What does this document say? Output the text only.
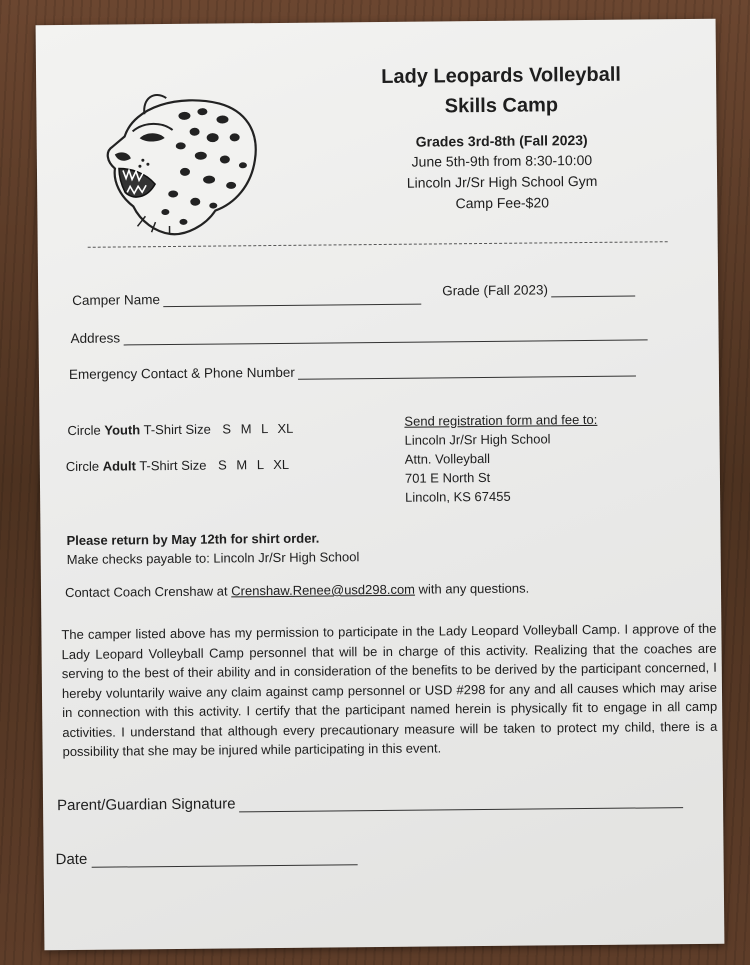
Lady Leopards Volleyball
Skills Camp
Grades 3rd-8th (Fall 2023)
June 5th-9th from 8:30-10:00
Lincoln Jr/Sr High School Gym
Camp Fee-$20
Camper Name
Grade (Fall 2023)
Address
Emergency Contact & Phone Number
Circle Youth T-Shirt Size S M L XL
Circle Adult T-Shirt Size S M L XL
Send registration form and fee to:
Lincoln Jr/Sr High School
Attn. Volleyball
701 E North St
Lincoln, KS 67455
Please return by May 12th for shirt order.
Make checks payable to: Lincoln Jr/Sr High School
Contact Coach Crenshaw at Crenshaw.Renee@usd298.com with any questions.
The camper listed above has my permission to participate in the Lady Leopard Volleyball Camp. I approve of the Lady Leopard Volleyball Camp personnel that will be in charge of this activity. Realizing that the coaches are serving to the best of their ability and in consideration of the benefits to be derived by the participant concerned, I hereby voluntarily waive any claim against camp personnel or USD #298 for any and all causes which may arise in connection with this activity. I certify that the participant named herein is physically fit to engage in all camp activities. I understand that although every precautionary measure will be taken to protect my child, there is a possibility that she may be injured while participating in this event.
Parent/Guardian Signature
Date
